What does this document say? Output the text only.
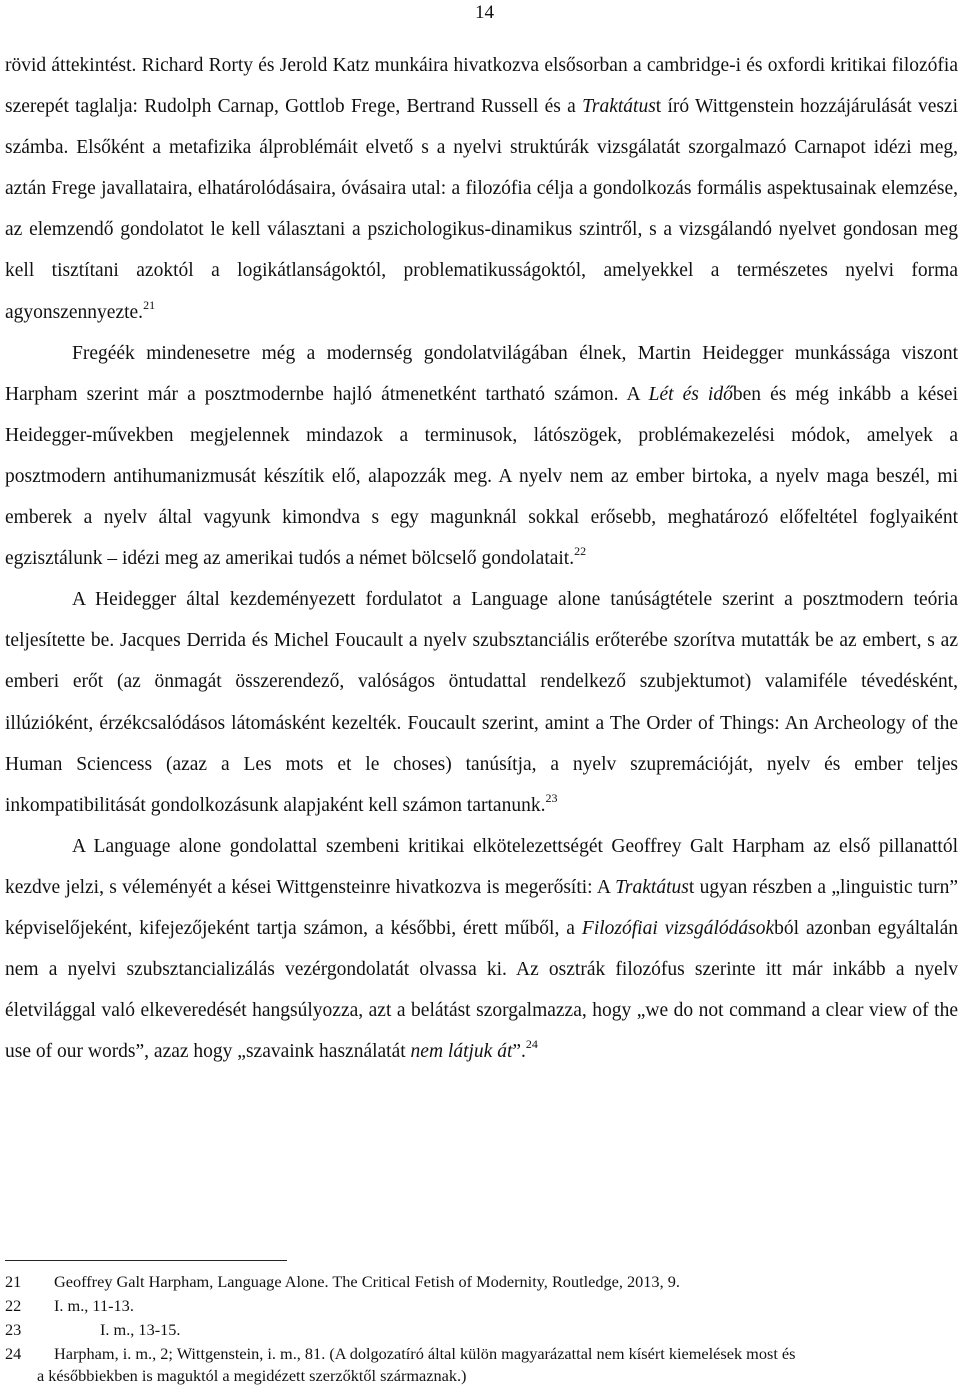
14

rövid áttekintést. Richard Rorty és Jerold Katz munkáira hivatkozva elsősorban a cambridge-i és oxfordi kritikai filozófia szerepét taglalja: Rudolph Carnap, Gottlob Frege, Bertrand Russell és a Traktátust író Wittgenstein hozzájárulását veszi számba. Elsőként a metafizika álproblémáit elvető s a nyelvi struktúrák vizsgálatát szorgalmazó Carnapot idézi meg, aztán Frege javallataira, elhatárolódásaira, óvásaira utal: a filozófia célja a gondolkozás formális aspektusainak elemzése, az elemzendő gondolatot le kell választani a pszichologikus-dinamikus szintről, s a vizsgálandó nyelvet gondosan meg kell tisztítani azoktól a logikátlanságoktól, problematikusságoktól, amelyekkel a természetes nyelvi forma agyonszennyezte.$^{21}$

Fregéék mindenesetre még a modernség gondolatvilágában élnek, Martin Heidegger munkássága viszont Harpham szerint már a posztmodernbe hajló átmenetként tartható számon. A Lét és időben és még inkább a kései Heidegger-művekben megjelennek mindazok a terminusok, látószögek, problémakezelési módok, amelyek a posztmodern antihumanizmusát készítik elő, alapozzák meg. A nyelv nem az ember birtoka, a nyelv maga beszél, mi emberek a nyelv által vagyunk kimondva s egy magunknál sokkal erősebb, meghatározó előfeltétel foglyaiként egzisztálunk – idézi meg az amerikai tudós a német bölcselő gondolatait.$^{22}$

A Heidegger által kezdeményezett fordulatot a Language alone tanúságtétele szerint a posztmodern teória teljesítette be. Jacques Derrida és Michel Foucault a nyelv szubsztanciális erőterébe szorítva mutatták be az embert, s az emberi erőt (az önmagát összerendező, valóságos öntudattal rendelkező szubjektumot) valamiféle tévedésként, illúzióként, érzékcsalódásos látomásként kezelték. Foucault szerint, amint a The Order of Things: An Archeology of the Human Sciencess (azaz a Les mots et le choses) tanúsítja, a nyelv szupremációját, nyelv és ember teljes inkompatibilitását gondolkozásunk alapjaként kell számon tartanunk.$^{23}$

A Language alone gondolattal szembeni kritikai elkötelezettségét Geoffrey Galt Harpham az első pillanattól kezdve jelzi, s véleményét a kései Wittgensteinre hivatkozva is megerősíti: A Traktátust ugyan részben a „linguistic turn” képviselőjeként, kifejezőjeként tartja számon, a későbbi, érett műből, a Filozófiai vizsgálódásokból azonban egyáltalán nem a nyelvi szubsztancializálás vezérgondolatát olvassa ki. Az osztrák filozófus szerinte itt már inkább a nyelv életvilággal való elkeveredését hangsúlyozza, azt a belátást szorgalmazza, hogy „we do not command a clear view of the use of our words”, azaz hogy „szavaink használatát nem látjuk át”.$^{24}$

21	Geoffrey Galt Harpham, Language Alone. The Critical Fetish of Modernity, Routledge, 2013, 9.
22	I. m., 11-13.
23	I. m., 13-15.
24	Harpham, i. m., 2; Wittgenstein, i. m., 81. (A dolgozatíró által külön magyarázattal nem kísért kiemelések most és
a későbbiekben is maguktól a megidézett szerzőktől származnak.)
